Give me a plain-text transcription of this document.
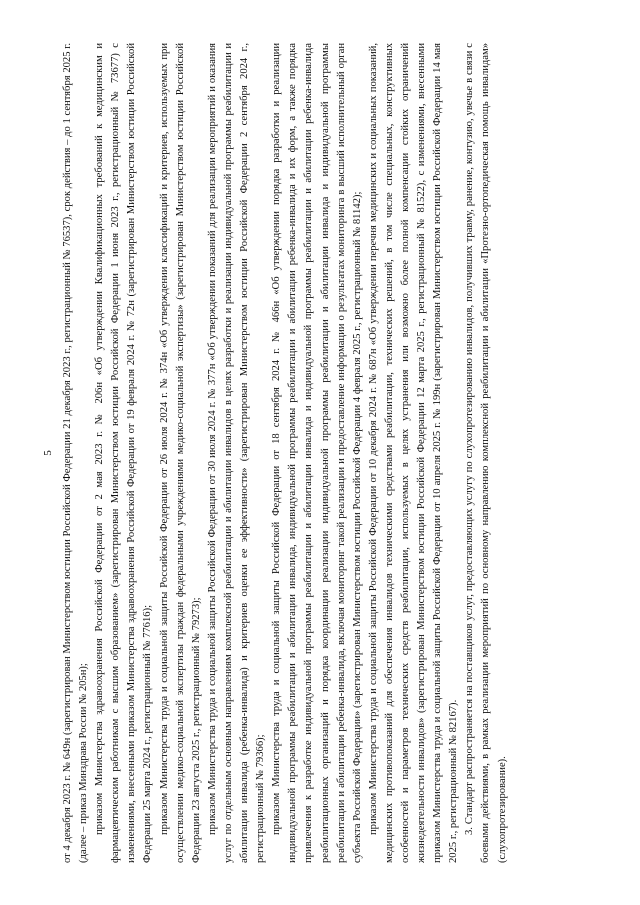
5 от 4 декабря 2023 г. № 649н (зарегистрирован Министерством юстиции Российской Федерации 21 декабря 2023 г., регистрационный № 76537), срок действия – до 1 сентября 2025 г. (далее – приказ Минздрава России № 205н); приказом Министерства здравоохранения Российской Федерации от 2 мая 2023 г. № 206н «Об утверждении Квалификационных требований к медицинским и фармацевтическим работникам с высшим образованием» (зарегистрирован Министерством юстиции Российской Федерации 1 июня 2023 г., регистрационный № 73677) с изменениями, внесенными приказом Министерства здравоохранения Российской Федерации от 19 февраля 2024 г. № 72н (зарегистрирован Министерством юстиции Российской Федерации 25 марта 2024 г., регистрационный № 77616); приказом Министерства труда и социальной защиты Российской Федерации от 26 июля 2024 г. № 374н «Об утверждении классификаций и критериев, используемых при осуществлении медико-социальной экспертизы граждан федеральными учреждениями медико-социальной экспертизы» (зарегистрирован Министерством юстиции Российской Федерации 23 августа 2025 г., регистрационный № 79273); приказом Министерства труда и социальной защиты Российской Федерации от 30 июля 2024 г. № 377н «Об утверждении показаний для реализации мероприятий и оказания услуг по отдельным основным направлениям комплексной реабилитации и абилитации инвалидов в целях разработки и реализации индивидуальной программы реабилитации и абилитации инвалида (ребенка-инвалида) и критериев оценки ее эффективности» (зарегистрирован Министерством юстиции Российской Федерации 2 сентября 2024 г., регистрационный № 79366); приказом Министерства труда и социальной защиты Российской Федерации от 18 сентября 2024 г. № 466н «Об утверждении порядка разработки и реализации индивидуальной программы реабилитации и абилитации инвалида, индивидуальной программы реабилитации и абилитации ребенка-инвалида и их форм, а также порядка привлечения к разработке индивидуальной программы реабилитации и абилитации инвалида и индивидуальной программы реабилитации и абилитации ребенка-инвалида реабилитационных организаций и порядка координации реализации индивидуальной программы реабилитации и абилитации инвалида и индивидуальной программы реабилитации и абилитации ребенка-инвалида, включая мониторинг такой реализации и предоставление информации о результатах мониторинга в высший исполнительный орган субъекта Российской Федерации» (зарегистрирован Министерством юстиции Российской Федерации 4 февраля 2025 г., регистрационный № 81142); приказом Министерства труда и социальной защиты Российской Федерации от 10 декабря 2024 г. № 687н «Об утверждении перечня медицинских и социальных показаний, медицинских противопоказаний для обеспечения инвалидов техническими средствами реабилитации, технических решений, в том числе специальных, конструктивных особенностей и параметров технических средств реабилитации, используемых в целях устранения или возможно более полной компенсации стойких ограничений жизнедеятельности инвалидов» (зарегистрирован Министерством юстиции Российской Федерации 12 марта 2025 г., регистрационный № 81522), с изменениями, внесенными приказом Министерства труда и социальной защиты Российской Федерации от 10 апреля 2025 г. № 199н (зарегистрирован Министерством юстиции Российской Федерации 14 мая 2025 г., регистрационный № 82167). 3. Стандарт распространяется на поставщиков услуг, предоставляющих услугу по слухопротезированию инвалидов, получивших травму, ранение, контузию, увечье в связи с боевыми действиями, в рамках реализации мероприятий по основному направлению комплексной реабилитации и абилитации «Протезно-ортопедическая помощь инвалидам» (слухопротезирование).
